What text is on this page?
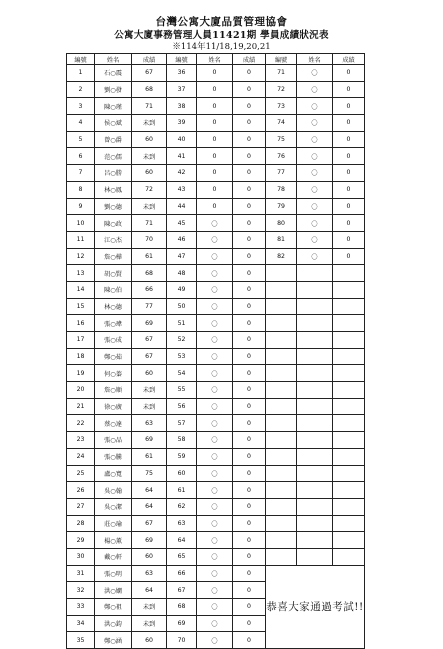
台灣公寓大廈品質管理協會
公寓大廈事務管理人員11421期 學員成績狀況表
※114年11/18,19,20,21
編號	姓名	成績	編號	姓名	成績	編號	姓名	成績
1	石○震	67	36	0	0	71	〇	0
2	劉○發	68	37	0	0	72	〇	0
3	陳○瑾	71	38	0	0	73	〇	0
4	侯○斌	未到	39	0	0	74	〇	0
5	曾○爵	60	40	0	0	75	〇	0
6	范○儒	未到	41	0	0	76	〇	0
7	呂○勝	60	42	0	0	77	〇	0
8	林○鳳	72	43	0	0	78	〇	0
9	劉○德	未到	44	0	0	79	〇	0
10	陳○政	71	45	〇	0	80	〇	0
11	江○杰	70	46	〇	0	81	〇	0
12	詹○樺	61	47	〇	0	82	〇	0
13	胡○賢	68	48	〇	0			
14	陳○伯	66	49	〇	0			
15	林○德	77	50	〇	0			
16	張○瑋	69	51	〇	0			
17	張○成	67	52	〇	0			
18	鄭○茹	67	53	〇	0			
19	何○蓁	60	54	〇	0			
20	詹○順	未到	55	〇	0			
21	徐○廣	未到	56	〇	0			
22	蔡○達	63	57	〇	0			
23	張○品	69	58	〇	0			
24	張○騰	61	59	〇	0			
25	盧○寬	75	60	〇	0			
26	吳○翰	64	61	〇	0			
27	吳○潔	64	62	〇	0			
28	莊○瑜	67	63	〇	0			
29	楊○薰	69	64	〇	0			
30	戴○軒	60	65	〇	0			
31	張○明	63	66	〇	0	恭喜大家通過考試!!		
32	洪○嫻	64	67	〇	0			
33	鄭○祖	未到	68	〇	0			
34	洪○鈞	未到	69	〇	0			
35	鄭○涵	60	70	〇	0			
